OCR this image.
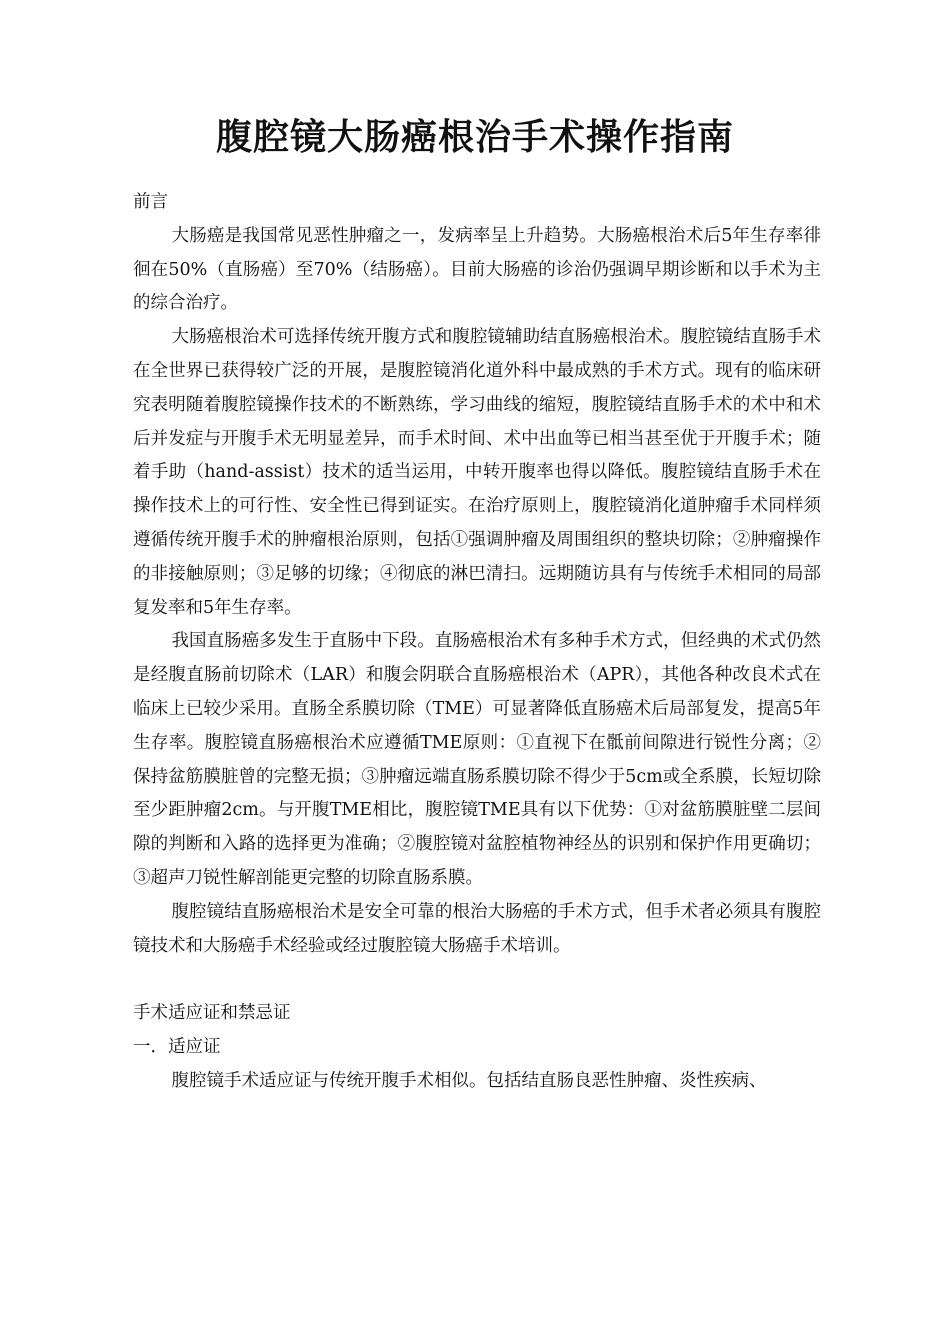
腹腔镜大肠癌根治手术操作指南

前言

大肠癌是我国常见恶性肿瘤之一，发病率呈上升趋势。大肠癌根治术后5年生存率徘徊在50%（直肠癌）至70%（结肠癌）。目前大肠癌的诊治仍强调早期诊断和以手术为主的综合治疗。

大肠癌根治术可选择传统开腹方式和腹腔镜辅助结直肠癌根治术。腹腔镜结直肠手术在全世界已获得较广泛的开展，是腹腔镜消化道外科中最成熟的手术方式。现有的临床研究表明随着腹腔镜操作技术的不断熟练，学习曲线的缩短，腹腔镜结直肠手术的术中和术后并发症与开腹手术无明显差异，而手术时间、术中出血等已相当甚至优于开腹手术；随着手助（hand-assist）技术的适当运用，中转开腹率也得以降低。腹腔镜结直肠手术在操作技术上的可行性、安全性已得到证实。在治疗原则上，腹腔镜消化道肿瘤手术同样须遵循传统开腹手术的肿瘤根治原则，包括①强调肿瘤及周围组织的整块切除；②肿瘤操作的非接触原则；③足够的切缘；④彻底的淋巴清扫。远期随访具有与传统手术相同的局部复发率和5年生存率。

我国直肠癌多发生于直肠中下段。直肠癌根治术有多种手术方式，但经典的术式仍然是经腹直肠前切除术（LAR）和腹会阴联合直肠癌根治术（APR），其他各种改良术式在临床上已较少采用。直肠全系膜切除（TME）可显著降低直肠癌术后局部复发，提高5年生存率。腹腔镜直肠癌根治术应遵循TME原则：①直视下在骶前间隙进行锐性分离；②保持盆筋膜脏曾的完整无损；③肿瘤远端直肠系膜切除不得少于5cm或全系膜，长短切除至少距肿瘤2cm。与开腹TME相比，腹腔镜TME具有以下优势：①对盆筋膜脏壁二层间隙的判断和入路的选择更为准确；②腹腔镜对盆腔植物神经丛的识别和保护作用更确切；③超声刀锐性解剖能更完整的切除直肠系膜。

腹腔镜结直肠癌根治术是安全可靠的根治大肠癌的手术方式，但手术者必须具有腹腔镜技术和大肠癌手术经验或经过腹腔镜大肠癌手术培训。

手术适应证和禁忌证

一．适应证

腹腔镜手术适应证与传统开腹手术相似。包括结直肠良恶性肿瘤、炎性疾病、
